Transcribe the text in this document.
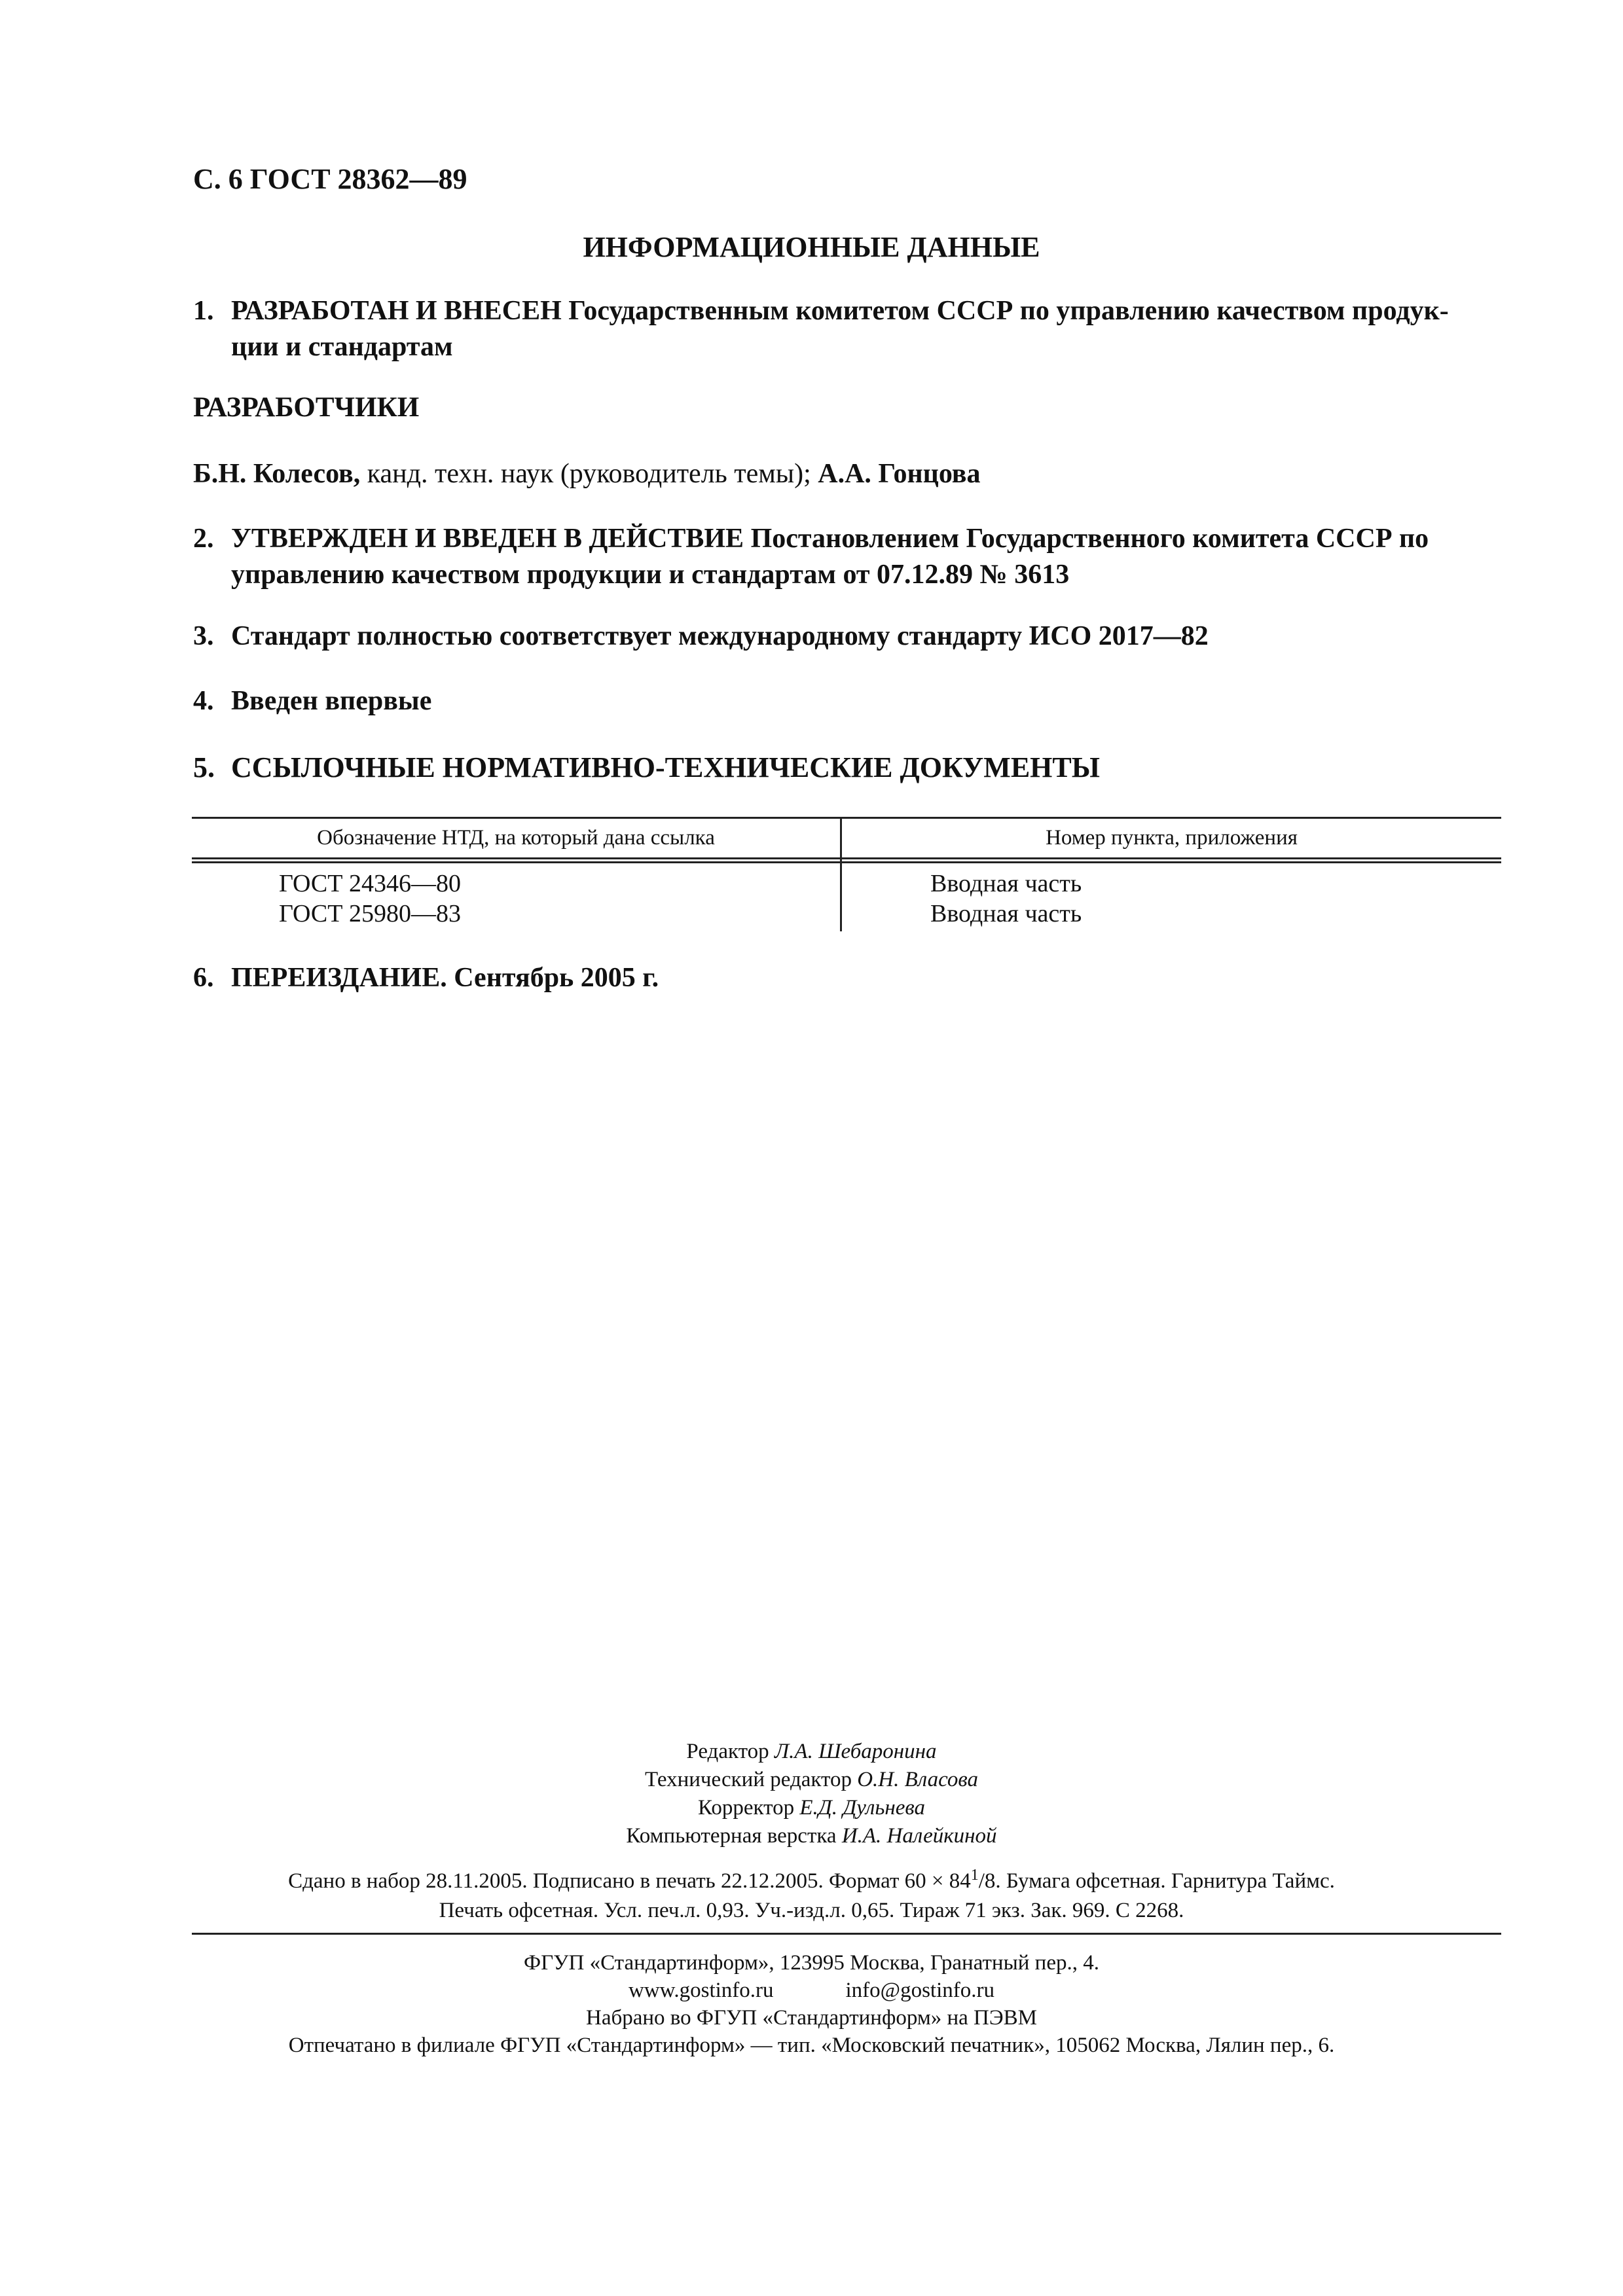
С. 6 ГОСТ 28362—89
ИНФОРМАЦИОННЫЕ ДАННЫЕ
1. РАЗРАБОТАН И ВНЕСЕН Государственным комитетом СССР по управлению качеством продук-ции и стандартам
РАЗРАБОТЧИКИ
Б.Н. Колесов, канд. техн. наук (руководитель темы); А.А. Гонцова
2. УТВЕРЖДЕН И ВВЕДЕН В ДЕЙСТВИЕ Постановлением Государственного комитета СССР по управлению качеством продукции и стандартам от 07.12.89 № 3613
3. Стандарт полностью соответствует международному стандарту ИСО 2017—82
4. Введен впервые
5. ССЫЛОЧНЫЕ НОРМАТИВНО-ТЕХНИЧЕСКИЕ ДОКУМЕНТЫ
Обозначение НТД, на который дана ссылка	Номер пункта, приложения
ГОСТ 24346—80	Вводная часть
ГОСТ 25980—83	Вводная часть
6. ПЕРЕИЗДАНИЕ. Сентябрь 2005 г.
Редактор Л.А. Шебаронина
Технический редактор О.Н. Власова
Корректор Е.Д. Дульнева
Компьютерная верстка И.А. Налейкиной
Сдано в набор 28.11.2005. Подписано в печать 22.12.2005. Формат $60 \times 84^1/8$. Бумага офсетная. Гарнитура Таймс.
Печать офсетная. Усл. печ.л. 0,93. Уч.-изд.л. 0,65. Тираж 71 экз. Зак. 969. С 2268.
ФГУП «Стандартинформ», 123995 Москва, Гранатный пер., 4.
www.gostinfo.ru	info@gostinfo.ru
Набрано во ФГУП «Стандартинформ» на ПЭВМ
Отпечатано в филиале ФГУП «Стандартинформ» — тип. «Московский печатник», 105062 Москва, Лялин пер., 6.
